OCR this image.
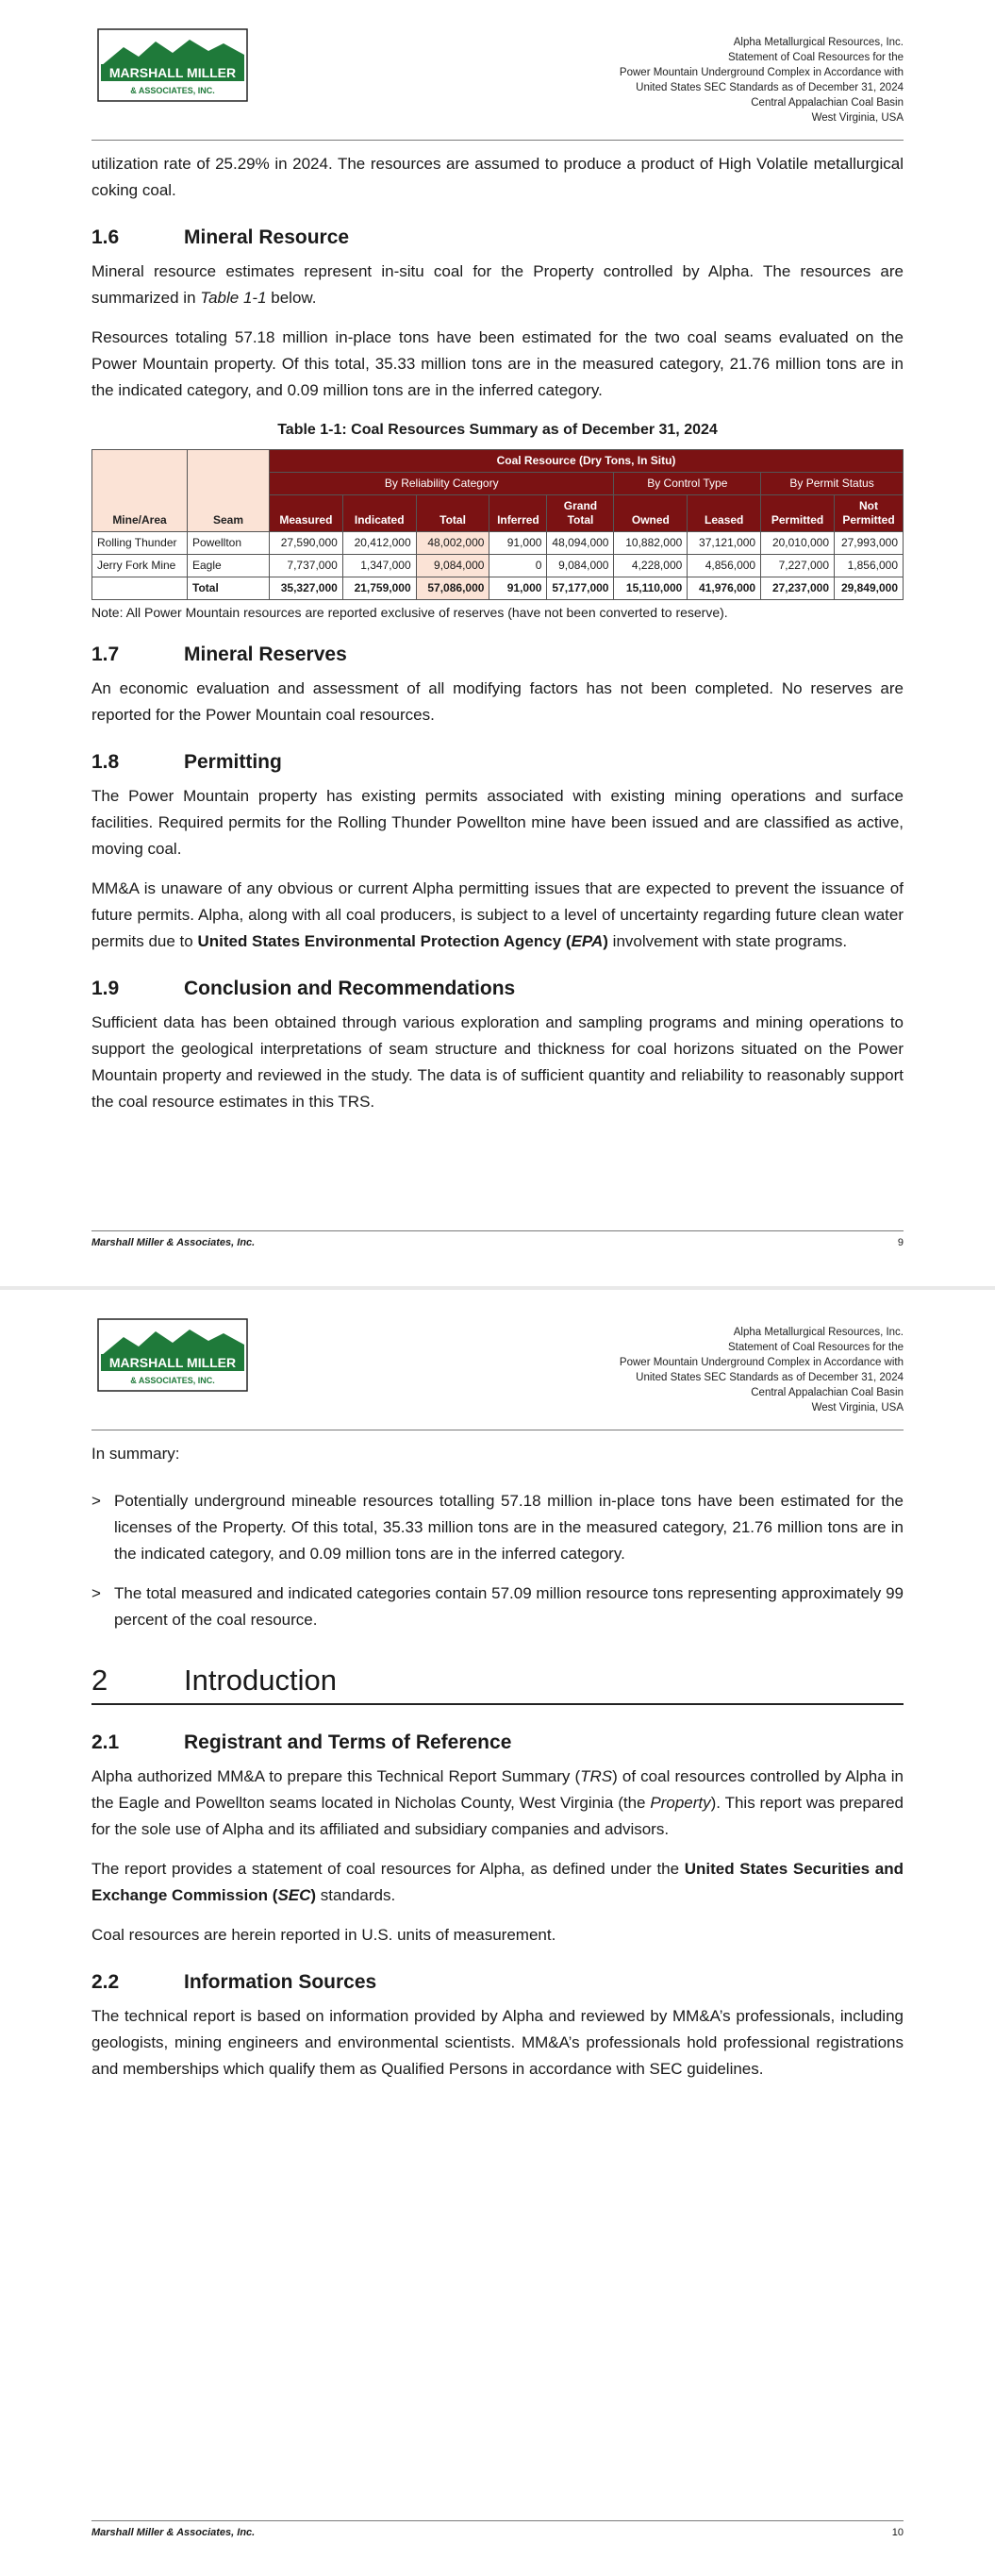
MARSHALL MILLER
& ASSOCIATES, INC.
Alpha Metallurgical Resources, Inc.
Statement of Coal Resources for the
Power Mountain Underground Complex in Accordance with
United States SEC Standards as of December 31, 2024
Central Appalachian Coal Basin
West Virginia, USA

utilization rate of 25.29% in 2024. The resources are assumed to produce a product of High Volatile metallurgical coking coal.

1.6	Mineral Resource

Mineral resource estimates represent in-situ coal for the Property controlled by Alpha. The resources are summarized in Table 1-1 below.

Resources totaling 57.18 million in-place tons have been estimated for the two coal seams evaluated on the Power Mountain property. Of this total, 35.33 million tons are in the measured category, 21.76 million tons are in the indicated category, and 0.09 million tons are in the inferred category.

Table 1-1: Coal Resources Summary as of December 31, 2024
Mine/Area	Seam	Coal Resource (Dry Tons, In Situ)								
		By Reliability Category					By Control Type		By Permit Status	
		Measured	Indicated	Total	Inferred	Grand Total	Owned	Leased	Permitted	Not Permitted
Rolling Thunder	Powellton	27,590,000	20,412,000	48,002,000	91,000	48,094,000	10,882,000	37,121,000	20,010,000	27,993,000
Jerry Fork Mine	Eagle	7,737,000	1,347,000	9,084,000	0	9,084,000	4,228,000	4,856,000	7,227,000	1,856,000
	Total	35,327,000	21,759,000	57,086,000	91,000	57,177,000	15,110,000	41,976,000	27,237,000	29,849,000
Note: All Power Mountain resources are reported exclusive of reserves (have not been converted to reserve).
1.7	Mineral Reserves

An economic evaluation and assessment of all modifying factors has not been completed. No reserves are reported for the Power Mountain coal resources.

1.8	Permitting

The Power Mountain property has existing permits associated with existing mining operations and surface facilities. Required permits for the Rolling Thunder Powellton mine have been issued and are classified as active, moving coal.

MM&A is unaware of any obvious or current Alpha permitting issues that are expected to prevent the issuance of future permits. Alpha, along with all coal producers, is subject to a level of uncertainty regarding future clean water permits due to United States Environmental Protection Agency (EPA) involvement with state programs.

1.9	Conclusion and Recommendations

Sufficient data has been obtained through various exploration and sampling programs and mining operations to support the geological interpretations of seam structure and thickness for coal horizons situated on the Power Mountain property and reviewed in the study. The data is of sufficient quantity and reliability to reasonably support the coal resource estimates in this TRS.

Marshall Miller & Associates, Inc.	9
MARSHALL MILLER
& ASSOCIATES, INC.
Alpha Metallurgical Resources, Inc.
Statement of Coal Resources for the
Power Mountain Underground Complex in Accordance with
United States SEC Standards as of December 31, 2024
Central Appalachian Coal Basin
West Virginia, USA

In summary:

> Potentially underground mineable resources totalling 57.18 million in-place tons have been estimated for the licenses of the Property. Of this total, 35.33 million tons are in the measured category, 21.76 million tons are in the indicated category, and 0.09 million tons are in the inferred category.
> The total measured and indicated categories contain 57.09 million resource tons representing approximately 99 percent of the coal resource.
2	Introduction
2.1	Registrant and Terms of Reference

Alpha authorized MM&A to prepare this Technical Report Summary (TRS) of coal resources controlled by Alpha in the Eagle and Powellton seams located in Nicholas County, West Virginia (the Property). This report was prepared for the sole use of Alpha and its affiliated and subsidiary companies and advisors.

The report provides a statement of coal resources for Alpha, as defined under the United States Securities and Exchange Commission (SEC) standards.

Coal resources are herein reported in U.S. units of measurement.

2.2	Information Sources

The technical report is based on information provided by Alpha and reviewed by MM&A’s professionals, including geologists, mining engineers and environmental scientists. MM&A’s professionals hold professional registrations and memberships which qualify them as Qualified Persons in accordance with SEC guidelines.

Marshall Miller & Associates, Inc.	10
